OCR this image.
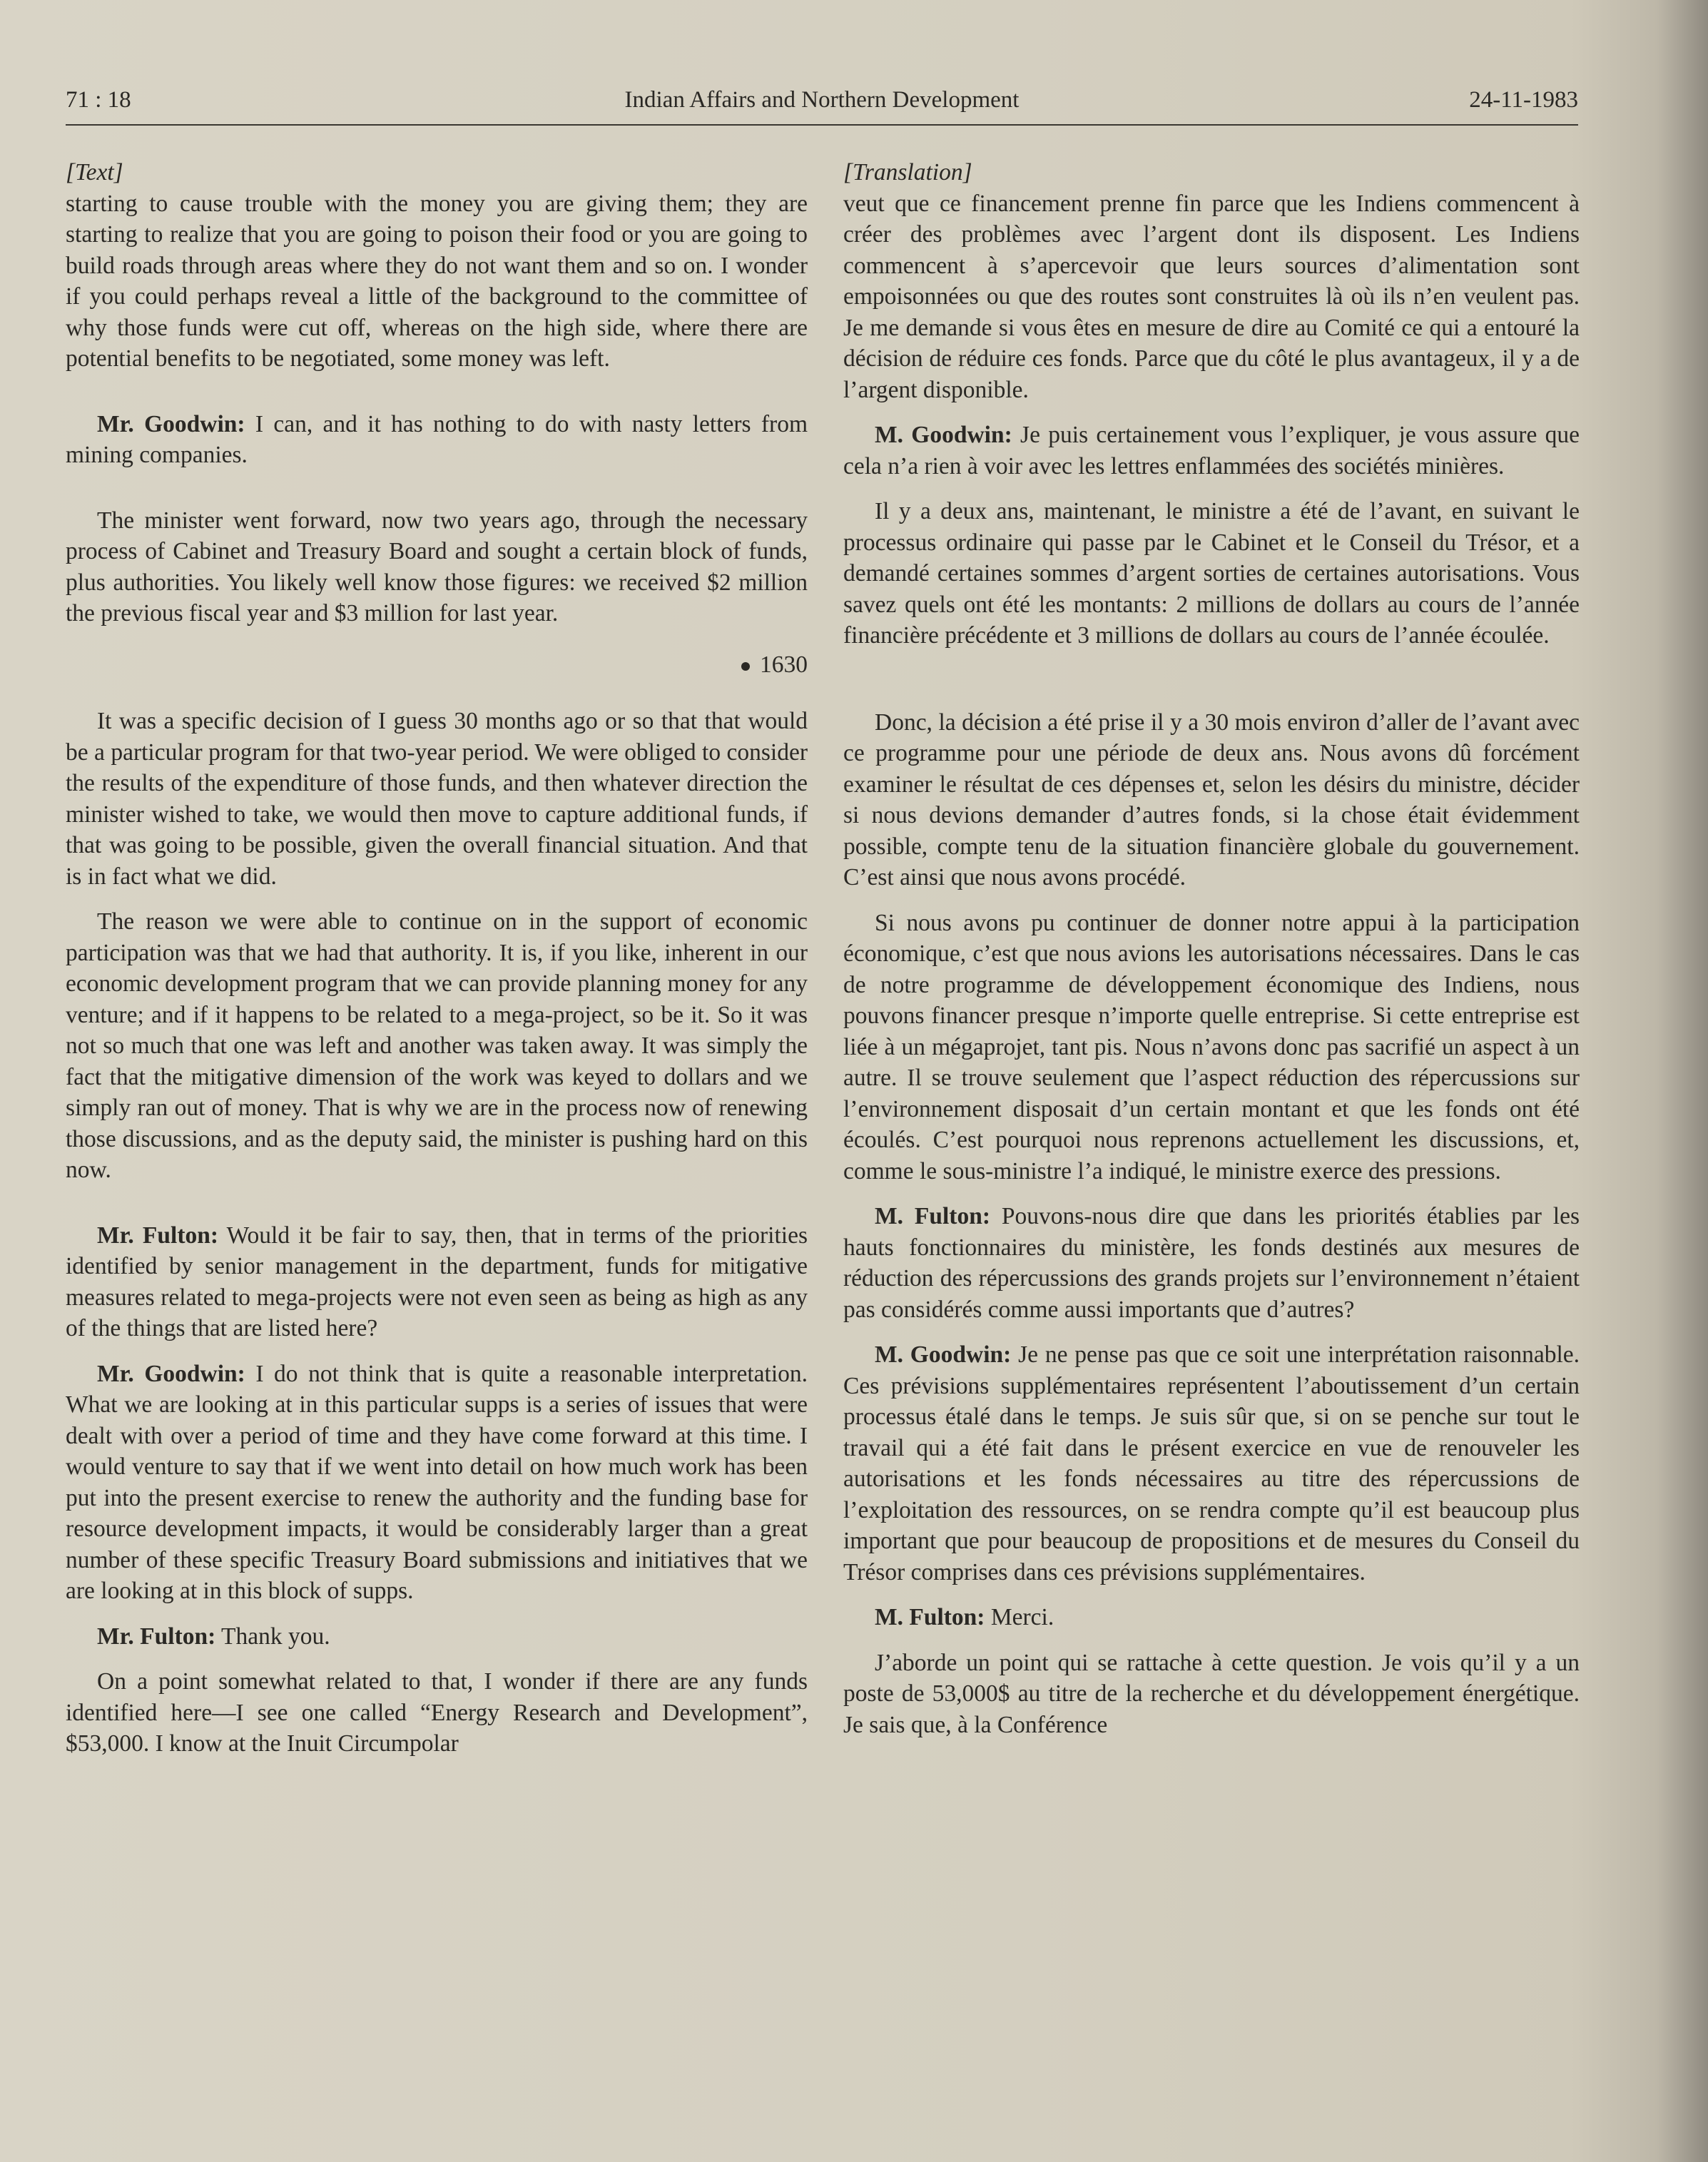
71 : 18	Indian Affairs and Northern Development	24-11-1983

[Text]

starting to cause trouble with the money you are giving them; they are starting to realize that you are going to poison their food or you are going to build roads through areas where they do not want them and so on. I wonder if you could perhaps reveal a little of the background to the committee of why those funds were cut off, whereas on the high side, where there are potential benefits to be negotiated, some money was left.

Mr. Goodwin: I can, and it has nothing to do with nasty letters from mining companies.

The minister went forward, now two years ago, through the necessary process of Cabinet and Treasury Board and sought a certain block of funds, plus authorities. You likely well know those figures: we received $2 million the previous fiscal year and $3 million for last year.

1630

It was a specific decision of I guess 30 months ago or so that that would be a particular program for that two-year period. We were obliged to consider the results of the expenditure of those funds, and then whatever direction the minister wished to take, we would then move to capture additional funds, if that was going to be possible, given the overall financial situation. And that is in fact what we did.

The reason we were able to continue on in the support of economic participation was that we had that authority. It is, if you like, inherent in our economic development program that we can provide planning money for any venture; and if it happens to be related to a mega-project, so be it. So it was not so much that one was left and another was taken away. It was simply the fact that the mitigative dimension of the work was keyed to dollars and we simply ran out of money. That is why we are in the process now of renewing those discussions, and as the deputy said, the minister is pushing hard on this now.

Mr. Fulton: Would it be fair to say, then, that in terms of the priorities identified by senior management in the department, funds for mitigative measures related to mega-projects were not even seen as being as high as any of the things that are listed here?

Mr. Goodwin: I do not think that is quite a reasonable interpretation. What we are looking at in this particular supps is a series of issues that were dealt with over a period of time and they have come forward at this time. I would venture to say that if we went into detail on how much work has been put into the present exercise to renew the authority and the funding base for resource development impacts, it would be considerably larger than a great number of these specific Treasury Board submissions and initiatives that we are looking at in this block of supps.

Mr. Fulton: Thank you.

On a point somewhat related to that, I wonder if there are any funds identified here—I see one called “Energy Research and Development”, $53,000. I know at the Inuit Circumpolar

[Translation]

veut que ce financement prenne fin parce que les Indiens commencent à créer des problèmes avec l’argent dont ils disposent. Les Indiens commencent à s’apercevoir que leurs sources d’alimentation sont empoisonnées ou que des routes sont construites là où ils n’en veulent pas. Je me demande si vous êtes en mesure de dire au Comité ce qui a entouré la décision de réduire ces fonds. Parce que du côté le plus avantageux, il y a de l’argent disponible.

M. Goodwin: Je puis certainement vous l’expliquer, je vous assure que cela n’a rien à voir avec les lettres enflammées des sociétés minières.

Il y a deux ans, maintenant, le ministre a été de l’avant, en suivant le processus ordinaire qui passe par le Cabinet et le Conseil du Trésor, et a demandé certaines sommes d’argent sorties de certaines autorisations. Vous savez quels ont été les montants: 2 millions de dollars au cours de l’année financière précédente et 3 millions de dollars au cours de l’année écoulée.

Donc, la décision a été prise il y a 30 mois environ d’aller de l’avant avec ce programme pour une période de deux ans. Nous avons dû forcément examiner le résultat de ces dépenses et, selon les désirs du ministre, décider si nous devions demander d’autres fonds, si la chose était évidemment possible, compte tenu de la situation financière globale du gouvernement. C’est ainsi que nous avons procédé.

Si nous avons pu continuer de donner notre appui à la participation économique, c’est que nous avions les autorisations nécessaires. Dans le cas de notre programme de développement économique des Indiens, nous pouvons financer presque n’importe quelle entreprise. Si cette entreprise est liée à un mégaprojet, tant pis. Nous n’avons donc pas sacrifié un aspect à un autre. Il se trouve seulement que l’aspect réduction des répercussions sur l’environnement disposait d’un certain montant et que les fonds ont été écoulés. C’est pourquoi nous reprenons actuellement les discussions, et, comme le sous-ministre l’a indiqué, le ministre exerce des pressions.

M. Fulton: Pouvons-nous dire que dans les priorités établies par les hauts fonctionnaires du ministère, les fonds destinés aux mesures de réduction des répercussions des grands projets sur l’environnement n’étaient pas considérés comme aussi importants que d’autres?

M. Goodwin: Je ne pense pas que ce soit une interprétation raisonnable. Ces prévisions supplémentaires représentent l’aboutissement d’un certain processus étalé dans le temps. Je suis sûr que, si on se penche sur tout le travail qui a été fait dans le présent exercice en vue de renouveler les autorisations et les fonds nécessaires au titre des répercussions de l’exploitation des ressources, on se rendra compte qu’il est beaucoup plus important que pour beaucoup de propositions et de mesures du Conseil du Trésor comprises dans ces prévisions supplémentaires.

M. Fulton: Merci.

J’aborde un point qui se rattache à cette question. Je vois qu’il y a un poste de 53,000$ au titre de la recherche et du développement énergétique. Je sais que, à la Conférence
